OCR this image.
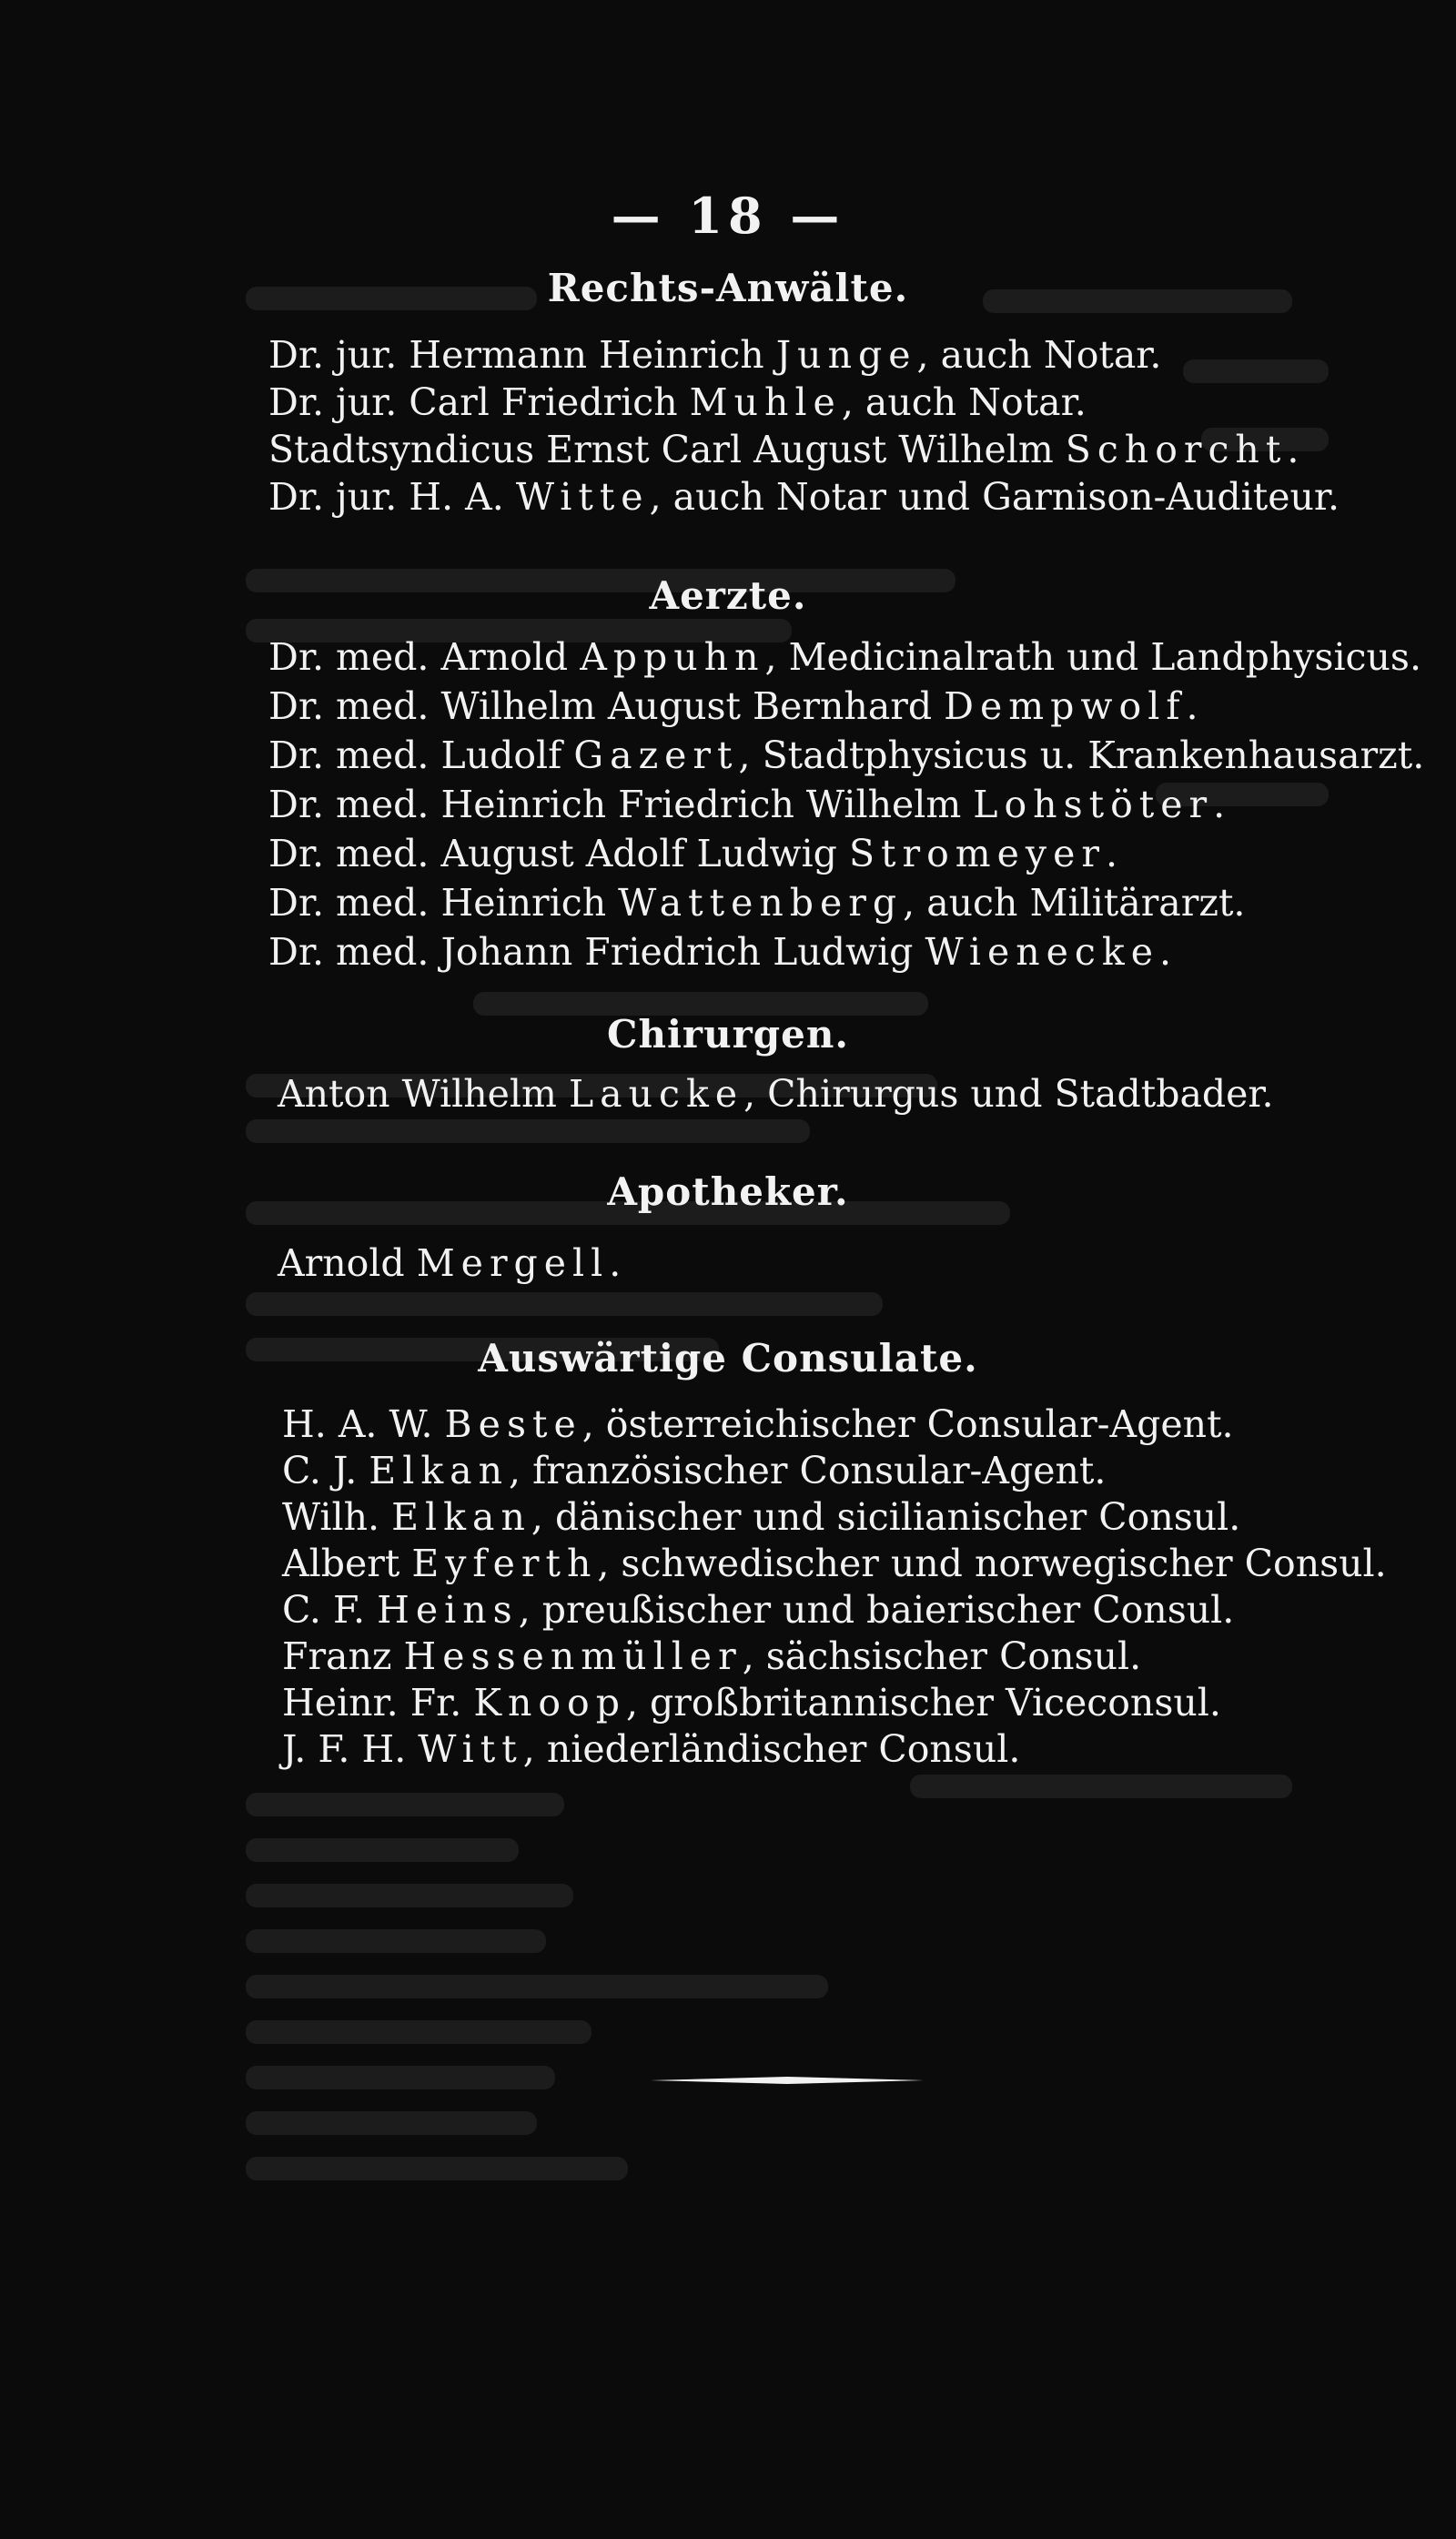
— 18 —
Rechts-Anwälte.
Dr. jur. Hermann Heinrich Junge, auch Notar.
Dr. jur. Carl Friedrich Muhle, auch Notar.
Stadtsyndicus Ernst Carl August Wilhelm Schorcht.
Dr. jur. H. A. Witte, auch Notar und Garnison-Auditeur.
Aerzte.
Dr. med. Arnold Appuhn, Medicinalrath und Landphysicus.
Dr. med. Wilhelm August Bernhard Dempwolf.
Dr. med. Ludolf Gazert, Stadtphysicus u. Krankenhausarzt.
Dr. med. Heinrich Friedrich Wilhelm Lohstöter.
Dr. med. August Adolf Ludwig Stromeyer.
Dr. med. Heinrich Wattenberg, auch Militärarzt.
Dr. med. Johann Friedrich Ludwig Wienecke.
Chirurgen.
Anton Wilhelm Laucke, Chirurgus und Stadtbader.
Apotheker.
Arnold Mergell.
Auswärtige Consulate.
H. A. W. Beste, österreichischer Consular-Agent.
C. J. Elkan, französischer Consular-Agent.
Wilh. Elkan, dänischer und sicilianischer Consul.
Albert Eyferth, schwedischer und norwegischer Consul.
C. F. Heins, preußischer und baierischer Consul.
Franz Hessenmüller, sächsischer Consul.
Heinr. Fr. Knoop, großbritannischer Viceconsul.
J. F. H. Witt, niederländischer Consul.
